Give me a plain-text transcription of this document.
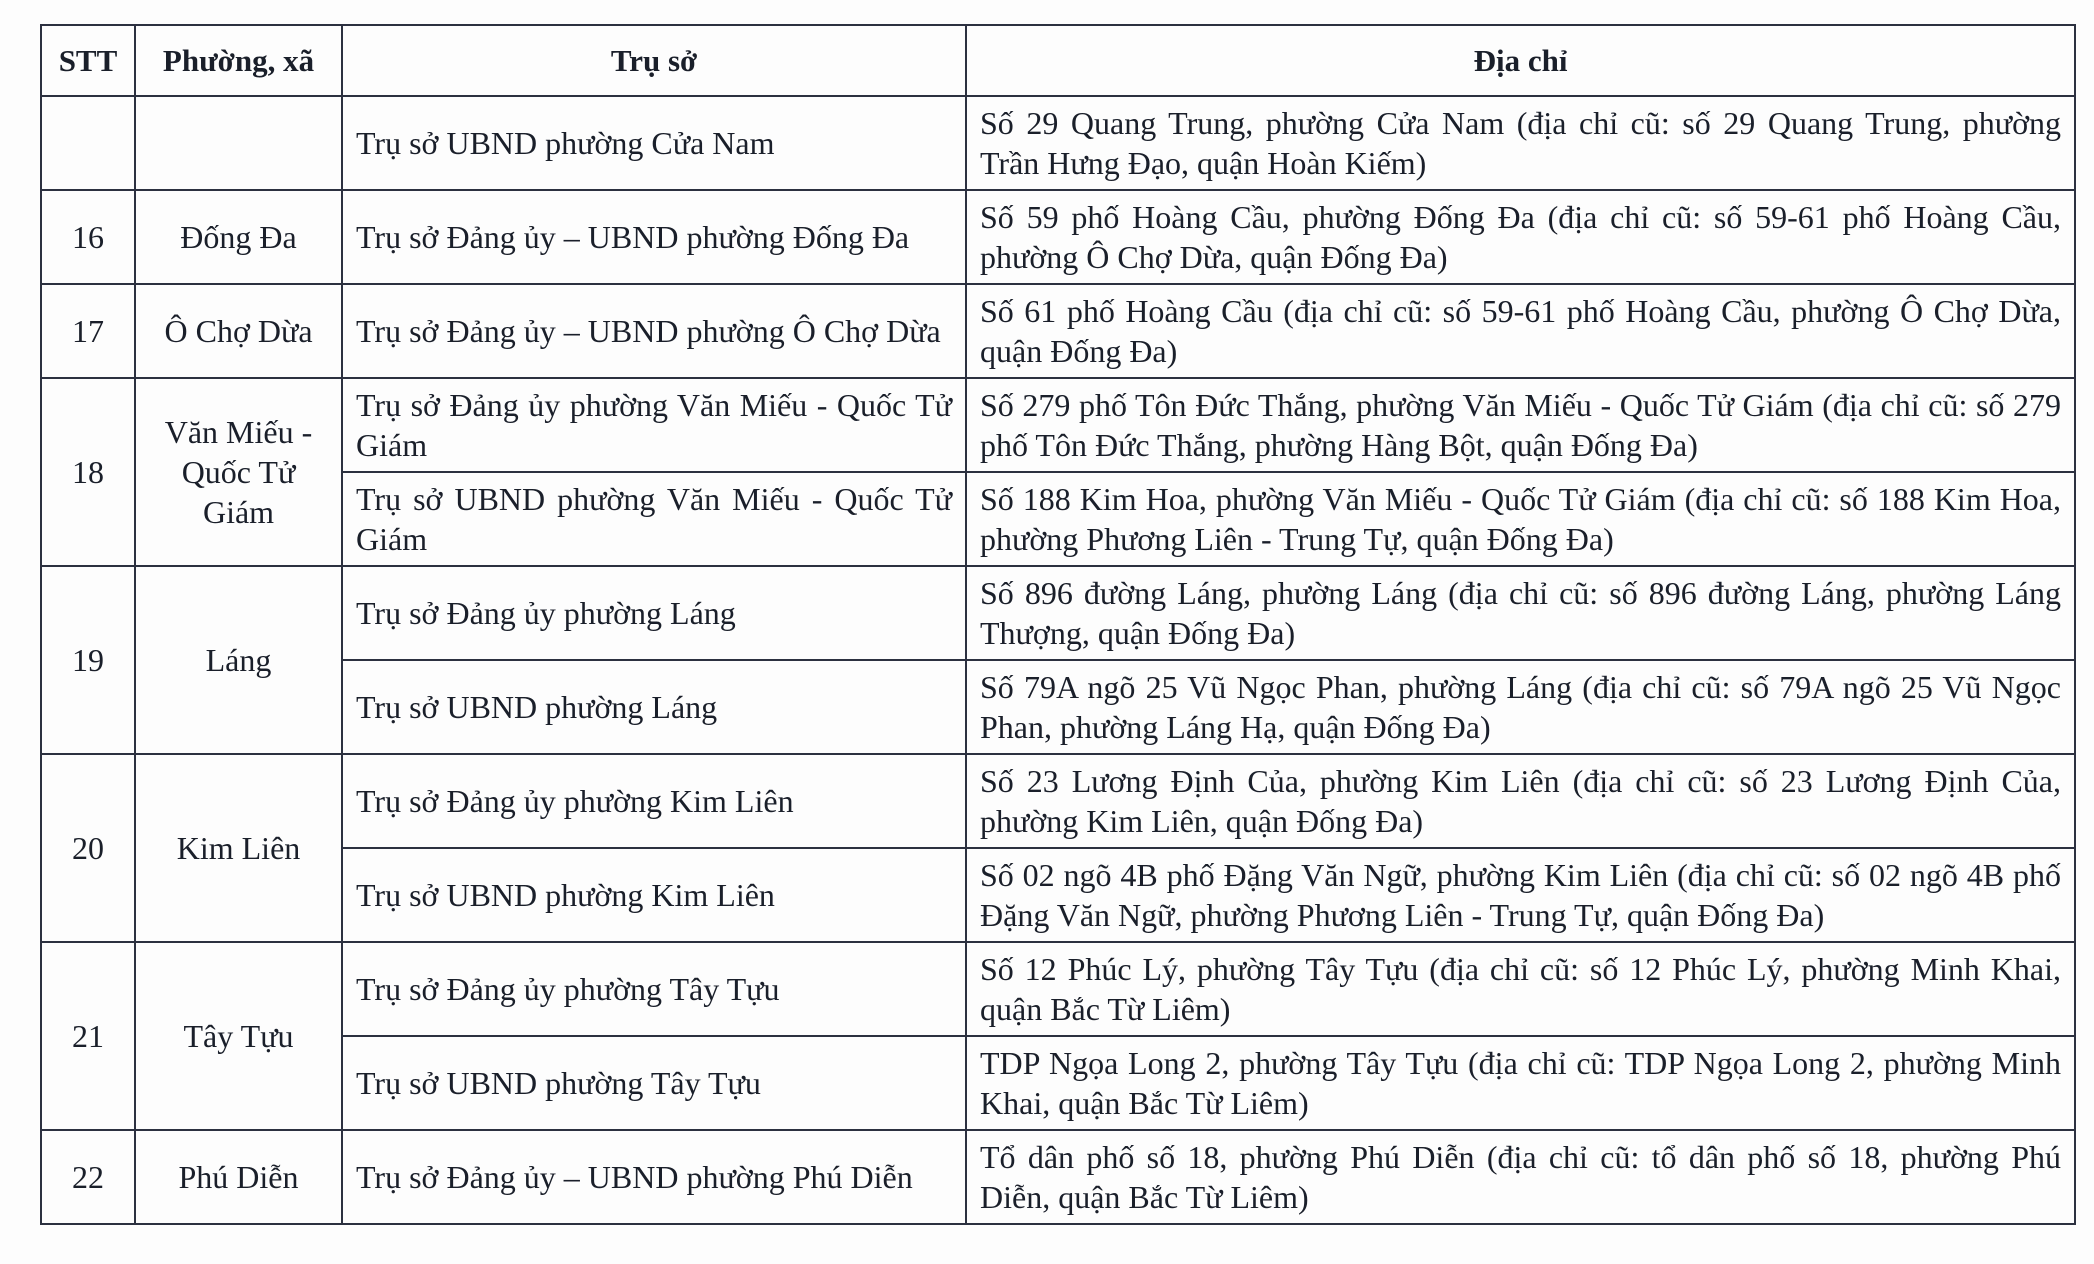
STT	Phường, xã	Trụ sở	Địa chỉ
		Trụ sở UBND phường Cửa Nam	Số 29 Quang Trung, phường Cửa Nam (địa chỉ cũ: số 29 Quang Trung, phường Trần Hưng Đạo, quận Hoàn Kiếm)
16	Đống Đa	Trụ sở Đảng ủy – UBND phường Đống Đa	Số 59 phố Hoàng Cầu, phường Đống Đa (địa chỉ cũ: số 59-61 phố Hoàng Cầu, phường Ô Chợ Dừa, quận Đống Đa)
17	Ô Chợ Dừa	Trụ sở Đảng ủy – UBND phường Ô Chợ Dừa	Số 61 phố Hoàng Cầu (địa chỉ cũ: số 59-61 phố Hoàng Cầu, phường Ô Chợ Dừa, quận Đống Đa)
18	Văn Miếu - Quốc Tử Giám	Trụ sở Đảng ủy phường Văn Miếu - Quốc Tử Giám	Số 279 phố Tôn Đức Thắng, phường Văn Miếu - Quốc Tử Giám (địa chỉ cũ: số 279 phố Tôn Đức Thắng, phường Hàng Bột, quận Đống Đa)
		Trụ sở UBND phường Văn Miếu - Quốc Tử Giám	Số 188 Kim Hoa, phường Văn Miếu - Quốc Tử Giám (địa chỉ cũ: số 188 Kim Hoa, phường Phương Liên - Trung Tự, quận Đống Đa)
19	Láng	Trụ sở Đảng ủy phường Láng	Số 896 đường Láng, phường Láng (địa chỉ cũ: số 896 đường Láng, phường Láng Thượng, quận Đống Đa)
		Trụ sở UBND phường Láng	Số 79A ngõ 25 Vũ Ngọc Phan, phường Láng (địa chỉ cũ: số 79A ngõ 25 Vũ Ngọc Phan, phường Láng Hạ, quận Đống Đa)
20	Kim Liên	Trụ sở Đảng ủy phường Kim Liên	Số 23 Lương Định Của, phường Kim Liên (địa chỉ cũ: số 23 Lương Định Của, phường Kim Liên, quận Đống Đa)
		Trụ sở UBND phường Kim Liên	Số 02 ngõ 4B phố Đặng Văn Ngữ, phường Kim Liên (địa chỉ cũ: số 02 ngõ 4B phố Đặng Văn Ngữ, phường Phương Liên - Trung Tự, quận Đống Đa)
21	Tây Tựu	Trụ sở Đảng ủy phường Tây Tựu	Số 12 Phúc Lý, phường Tây Tựu (địa chỉ cũ: số 12 Phúc Lý, phường Minh Khai, quận Bắc Từ Liêm)
		Trụ sở UBND phường Tây Tựu	TDP Ngọa Long 2, phường Tây Tựu (địa chỉ cũ: TDP Ngọa Long 2, phường Minh Khai, quận Bắc Từ Liêm)
22	Phú Diễn	Trụ sở Đảng ủy – UBND phường Phú Diễn	Tổ dân phố số 18, phường Phú Diễn (địa chỉ cũ: tổ dân phố số 18, phường Phú Diễn, quận Bắc Từ Liêm)
